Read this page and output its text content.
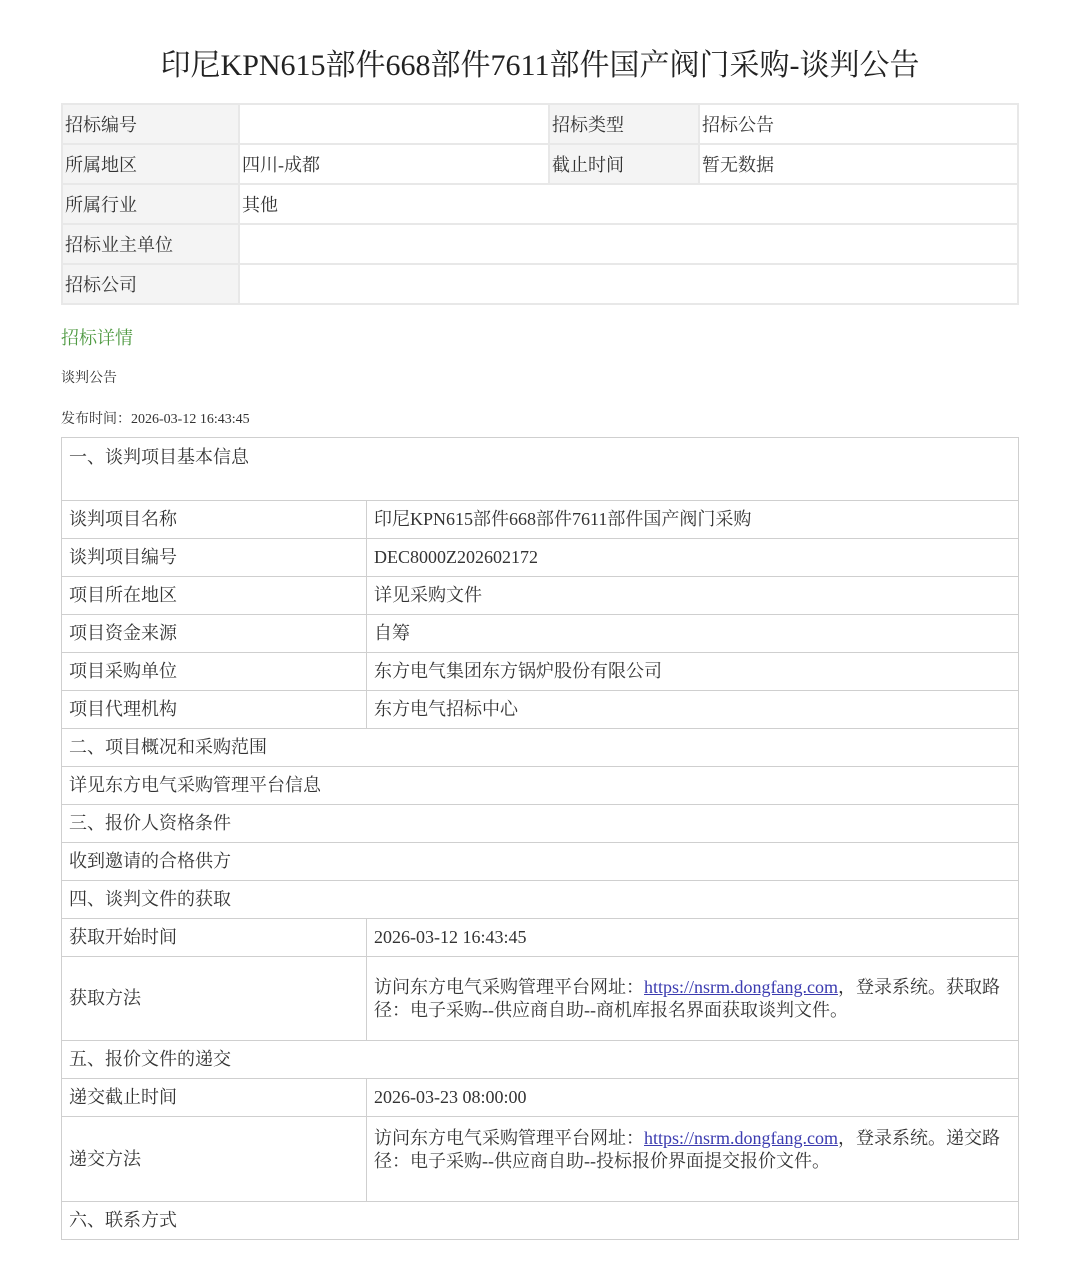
印尼KPN615部件668部件7611部件国产阀门采购-谈判公告
招标编号		招标类型	招标公告
所属地区	四川-成都	截止时间	暂无数据
所属行业	其他		
招标业主单位			
招标公司			
招标详情
谈判公告
发布时间：2026-03-12 16:43:45
一、谈判项目基本信息	
谈判项目名称	印尼KPN615部件668部件7611部件国产阀门采购
谈判项目编号	DEC8000Z202602172
项目所在地区	详见采购文件
项目资金来源	自筹
项目采购单位	东方电气集团东方锅炉股份有限公司
项目代理机构	东方电气招标中心
二、项目概况和采购范围	
详见东方电气采购管理平台信息	
三、报价人资格条件	
收到邀请的合格供方	
四、谈判文件的获取	
获取开始时间	2026-03-12 16:43:45
获取方法	访问东方电气采购管理平台网址：https://nsrm.dongfang.com，登录系统。获取路径：电子采购--供应商自助--商机库报名界面获取谈判文件。
五、报价文件的递交	
递交截止时间	2026-03-23 08:00:00
递交方法	访问东方电气采购管理平台网址：https://nsrm.dongfang.com，登录系统。递交路径：电子采购--供应商自助--投标报价界面提交报价文件。
六、联系方式	
